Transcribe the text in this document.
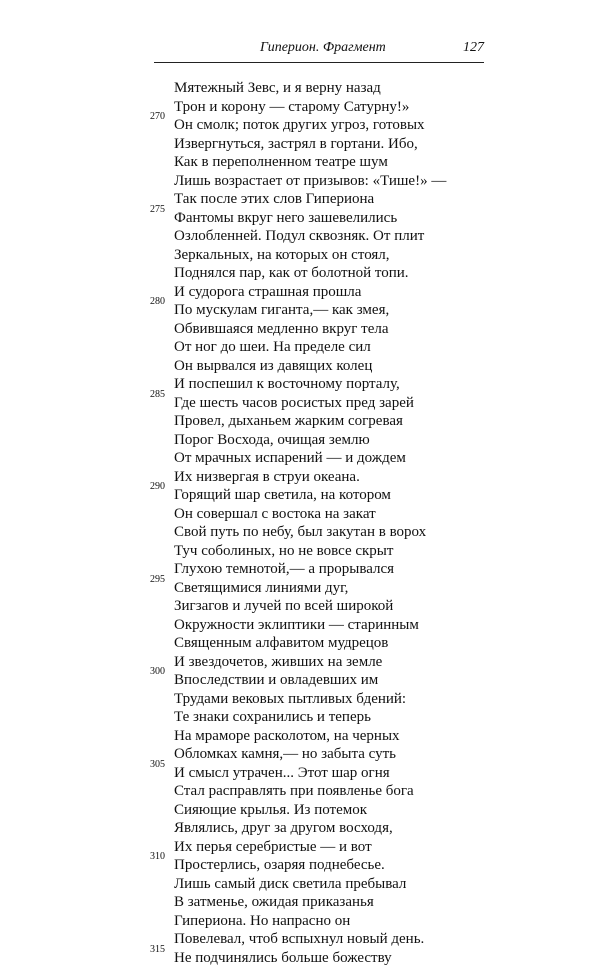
Гиперион. Фрагмент	127
Мятежный Зевс, и я верну назад
Трон и корону — старому Сатурну!»
270
Он смолк; поток других угроз, готовых
Извергнуться, застрял в гортани. Ибо,
Как в переполненном театре шум
Лишь возрастает от призывов: «Тише!» —
Так после этих слов Гипериона
275
Фантомы вкруг него зашевелились
Озлобленней. Подул сквозняк. От плит
Зеркальных, на которых он стоял,
Поднялся пар, как от болотной топи.
И судорога страшная прошла
280
По мускулам гиганта,— как змея,
Обвившаяся медленно вкруг тела
От ног до шеи. На пределе сил
Он вырвался из давящих колец
И поспешил к восточному порталу,
285
Где шесть часов росистых пред зарей
Провел, дыханьем жарким согревая
Порог Восхода, очищая землю
От мрачных испарений — и дождем
Их низвергая в струи океана.
290
Горящий шар светила, на котором
Он совершал с востока на закат
Свой путь по небу, был закутан в ворох
Туч соболиных, но не вовсе скрыт
Глухою темнотой,— а прорывался
295
Светящимися линиями дуг,
Зигзагов и лучей по всей широкой
Окружности эклиптики — старинным
Священным алфавитом мудрецов
И звездочетов, живших на земле
300
Впоследствии и овладевших им
Трудами вековых пытливых бдений:
Те знаки сохранились и теперь
На мраморе расколотом, на черных
Обломках камня,— но забыта суть
305
И смысл утрачен... Этот шар огня
Стал расправлять при появленье бога
Сияющие крылья. Из потемок
Являлись, друг за другом восходя,
Их перья серебристые — и вот
310
Простерлись, озаряя поднебесье.
Лишь самый диск светила пребывал
В затменье, ожидая приказанья
Гипериона. Но напрасно он
Повелевал, чтоб вспыхнул новый день.
315
Не подчинялись больше божеству
